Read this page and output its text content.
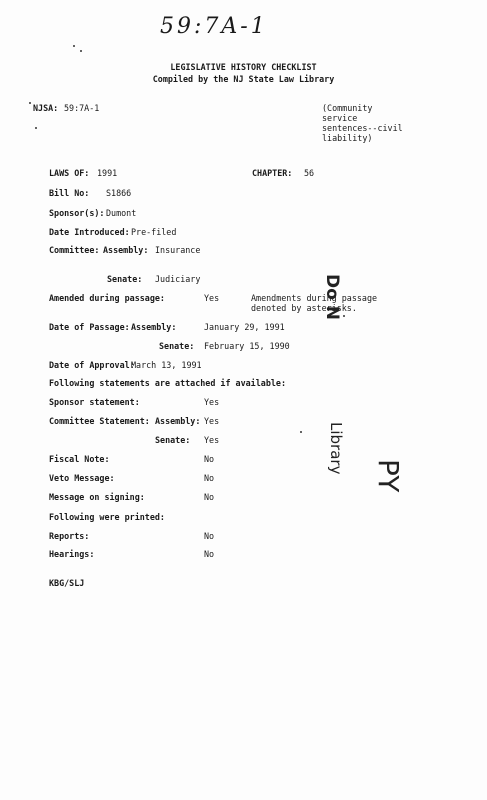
59:7A-1
LEGISLATIVE HISTORY CHECKLIST
Compiled by the NJ State Law Library
NJSA: 59:7A-1	(Community
service
sentences--civil
liability)
LAWS OF: 1991	CHAPTER: 56
Bill No: S1866
Sponsor(s): Dumont
Date Introduced: Pre-filed
Committee: Assembly: Insurance
Senate: Judiciary
Amended during passage:	Yes	Amendments during passage
denoted by asterisks.
Date of Passage: Assembly:	January 29, 1991
Senate: February 15, 1990
Date of Approval:
March 13, 1991
Following statements are attached if available:
Sponsor statement:	Yes
Committee Statement: Assembly: Yes
Senate: Yes
Fiscal Note:	No
Veto Message:	No
Message on signing:	No
Following were printed:
Reports:	No
Hearings:	No
KBG/SLJ
Do N
Library
PY
